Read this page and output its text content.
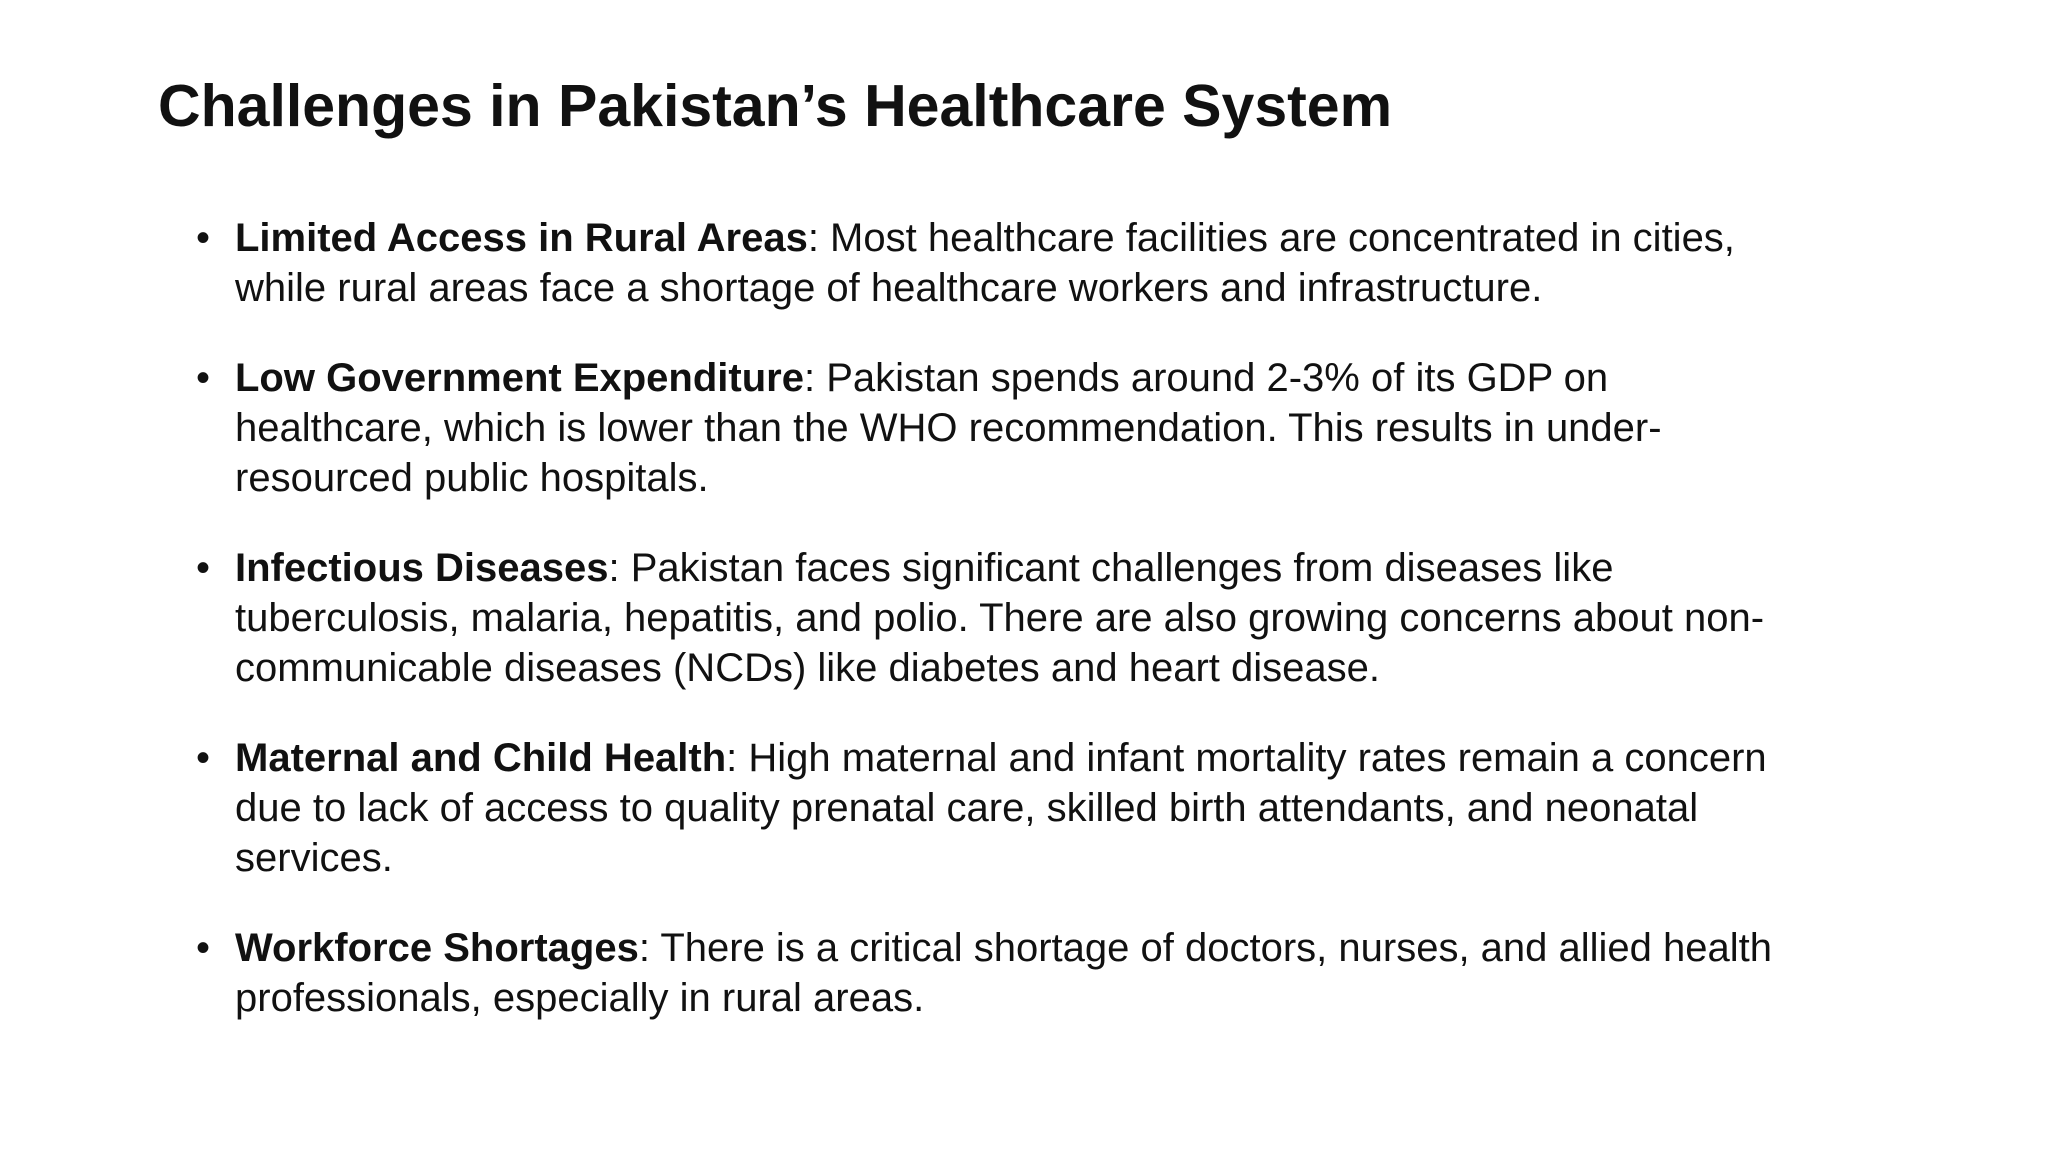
Challenges in Pakistan’s Healthcare System
• Limited Access in Rural Areas: Most healthcare facilities are concentrated in cities,
while rural areas face a shortage of healthcare workers and infrastructure.
• Low Government Expenditure: Pakistan spends around 2-3% of its GDP on
healthcare, which is lower than the WHO recommendation. This results in under-
resourced public hospitals.
• Infectious Diseases: Pakistan faces significant challenges from diseases like
tuberculosis, malaria, hepatitis, and polio. There are also growing concerns about non-
communicable diseases (NCDs) like diabetes and heart disease.
• Maternal and Child Health: High maternal and infant mortality rates remain a concern
due to lack of access to quality prenatal care, skilled birth attendants, and neonatal
services.
• Workforce Shortages: There is a critical shortage of doctors, nurses, and allied health
professionals, especially in rural areas.
